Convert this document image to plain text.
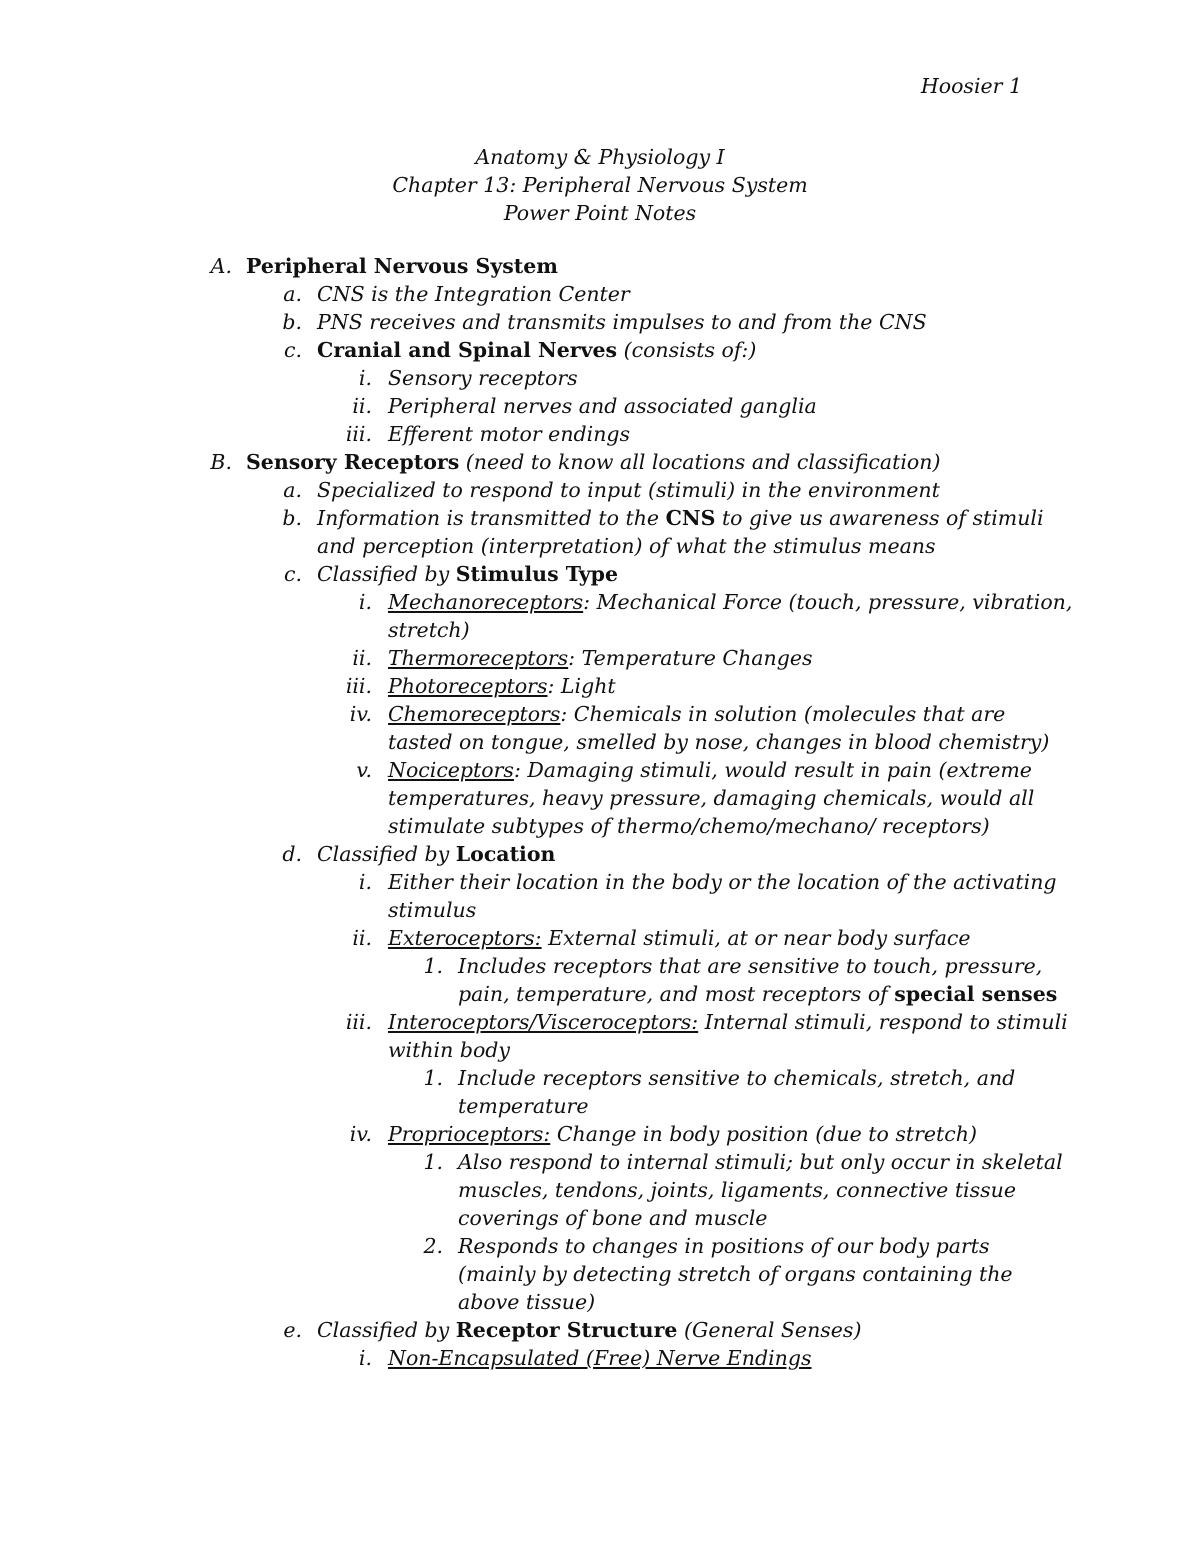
Hoosier 1
Anatomy & Physiology I
Chapter 13: Peripheral Nervous System
Power Point Notes
A. Peripheral Nervous System
a. CNS is the Integration Center
b. PNS receives and transmits impulses to and from the CNS
c. Cranial and Spinal Nerves (consists of:)
i. Sensory receptors
ii. Peripheral nerves and associated ganglia
iii. Efferent motor endings
B. Sensory Receptors (need to know all locations and classification)
a. Specialized to respond to input (stimuli) in the environment
b. Information is transmitted to the CNS to give us awareness of stimuli
and perception (interpretation) of what the stimulus means
c. Classified by Stimulus Type
i. Mechanoreceptors: Mechanical Force (touch, pressure, vibration,
stretch)
ii. Thermoreceptors: Temperature Changes
iii. Photoreceptors: Light
iv. Chemoreceptors: Chemicals in solution (molecules that are
tasted on tongue, smelled by nose, changes in blood chemistry)
v. Nociceptors: Damaging stimuli, would result in pain (extreme
temperatures, heavy pressure, damaging chemicals, would all
stimulate subtypes of thermo/chemo/mechano/ receptors)
d. Classified by Location
i. Either their location in the body or the location of the activating
stimulus
ii. Exteroceptors: External stimuli, at or near body surface
1. Includes receptors that are sensitive to touch, pressure,
pain, temperature, and most receptors of special senses
iii. Interoceptors/Visceroceptors: Internal stimuli, respond to stimuli
within body
1. Include receptors sensitive to chemicals, stretch, and
temperature
iv. Proprioceptors: Change in body position (due to stretch)
1. Also respond to internal stimuli; but only occur in skeletal
muscles, tendons, joints, ligaments, connective tissue
coverings of bone and muscle
2. Responds to changes in positions of our body parts
(mainly by detecting stretch of organs containing the
above tissue)
e. Classified by Receptor Structure (General Senses)
i. Non-Encapsulated (Free) Nerve Endings
